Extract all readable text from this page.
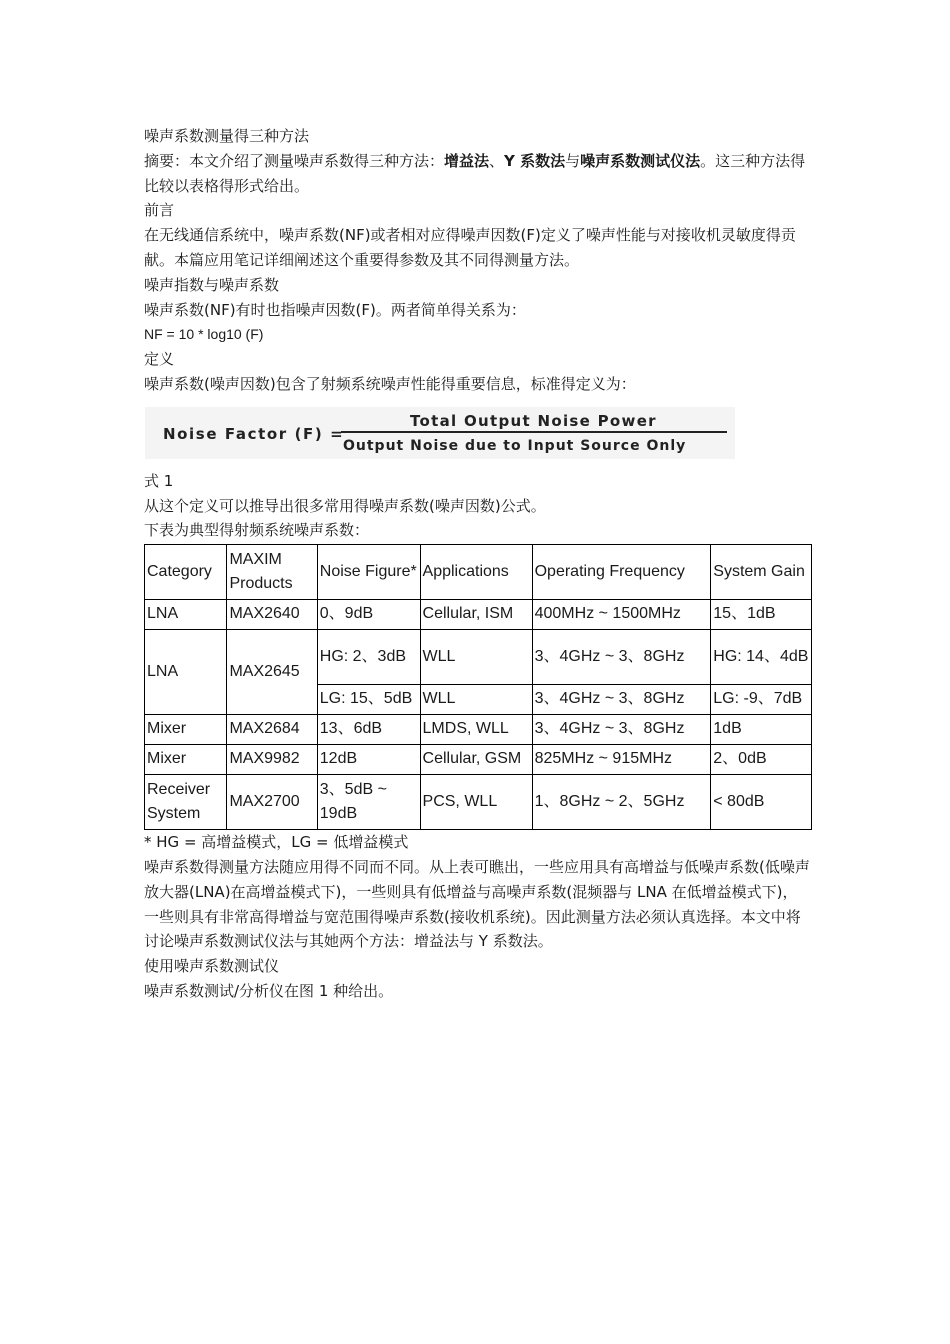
噪声系数测量得三种方法

摘要：本文介绍了测量噪声系数得三种方法：增益法、Y 系数法与噪声系数测试仪法。这三种方法得比较以表格得形式给出。

前言

在无线通信系统中，噪声系数(NF)或者相对应得噪声因数(F)定义了噪声性能与对接收机灵敏度得贡献。本篇应用笔记详细阐述这个重要得参数及其不同得测量方法。

噪声指数与噪声系数

噪声系数(NF)有时也指噪声因数(F)。两者简单得关系为：

NF = 10 * log10 (F)

定义

噪声系数(噪声因数)包含了射频系统噪声性能得重要信息，标准得定义为：

Noise Factor (F) =
Total Output Noise Power
Output Noise due to Input Source Only

式 1

从这个定义可以推导出很多常用得噪声系数(噪声因数)公式。

下表为典型得射频系统噪声系数：

Category	MAXIM Products	Noise Figure*	Applications	Operating Frequency	System Gain
LNA	MAX2640	0、9dB	Cellular, ISM	400MHz ~ 1500MHz	15、1dB
LNA	MAX2645	HG: 2、3dB	WLL	3、4GHz ~ 3、8GHz	HG: 14、4dB
		LG: 15、5dB	WLL	3、4GHz ~ 3、8GHz	LG: -9、7dB
Mixer	MAX2684	13、6dB	LMDS, WLL	3、4GHz ~ 3、8GHz	1dB
Mixer	MAX9982	12dB	Cellular, GSM	825MHz ~ 915MHz	2、0dB
Receiver System	MAX2700	3、5dB ~ 19dB	PCS, WLL	1、8GHz ~ 2、5GHz	< 80dB

* HG = 高增益模式，LG = 低增益模式

噪声系数得测量方法随应用得不同而不同。从上表可瞧出，一些应用具有高增益与低噪声系数(低噪声放大器(LNA)在高增益模式下)，一些则具有低增益与高噪声系数(混频器与 LNA 在低增益模式下)，一些则具有非常高得增益与宽范围得噪声系数(接收机系统)。因此测量方法必须认真选择。本文中将讨论噪声系数测试仪法与其她两个方法：增益法与 Y 系数法。

使用噪声系数测试仪

噪声系数测试/分析仪在图 1 种给出。
